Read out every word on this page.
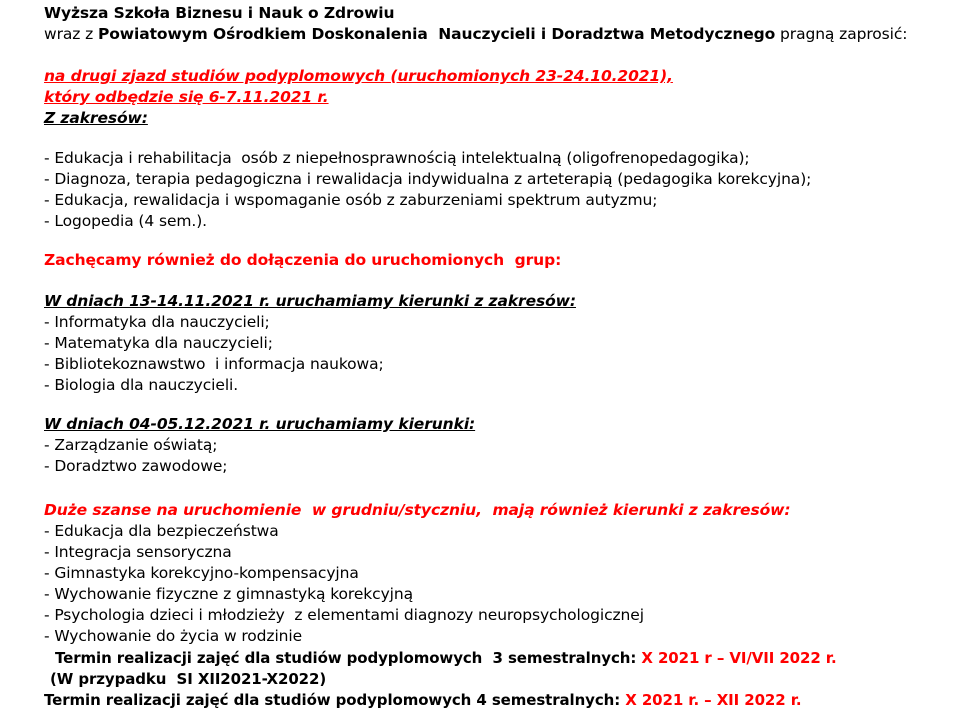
Wyższa Szkoła Biznesu i Nauk o Zdrowiu
wraz z Powiatowym Ośrodkiem Doskonalenia  Nauczycieli i Doradztwa Metodycznego pragną zaprosić:
na drugi zjazd studiów podyplomowych (uruchomionych 23-24.10.2021),
który odbędzie się 6-7.11.2021 r.
Z zakresów:
- Edukacja i rehabilitacja  osób z niepełnosprawnością intelektualną (oligofrenopedagogika);
- Diagnoza, terapia pedagogiczna i rewalidacja indywidualna z arteterapią (pedagogika korekcyjna);
- Edukacja, rewalidacja i wspomaganie osób z zaburzeniami spektrum autyzmu;
- Logopedia (4 sem.).
Zachęcamy również do dołączenia do uruchomionych  grup:
W dniach 13-14.11.2021 r. uruchamiamy kierunki z zakresów:
- Informatyka dla nauczycieli;
- Matematyka dla nauczycieli;
- Bibliotekoznawstwo  i informacja naukowa;
- Biologia dla nauczycieli.
W dniach 04-05.12.2021 r. uruchamiamy kierunki:
- Zarządzanie oświatą;
- Doradztwo zawodowe;
Duże szanse na uruchomienie  w grudniu/styczniu,  mają również kierunki z zakresów:
- Edukacja dla bezpieczeństwa
- Integracja sensoryczna
- Gimnastyka korekcyjno-kompensacyjna
- Wychowanie fizyczne z gimnastyką korekcyjną
- Psychologia dzieci i młodzieży  z elementami diagnozy neuropsychologicznej
- Wychowanie do życia w rodzinie
Termin realizacji zajęć dla studiów podyplomowych  3 semestralnych: X 2021 r – VI/VII 2022 r.
(W przypadku  SI XII2021-X2022)
Termin realizacji zajęć dla studiów podyplomowych 4 semestralnych: X 2021 r. – XII 2022 r.
